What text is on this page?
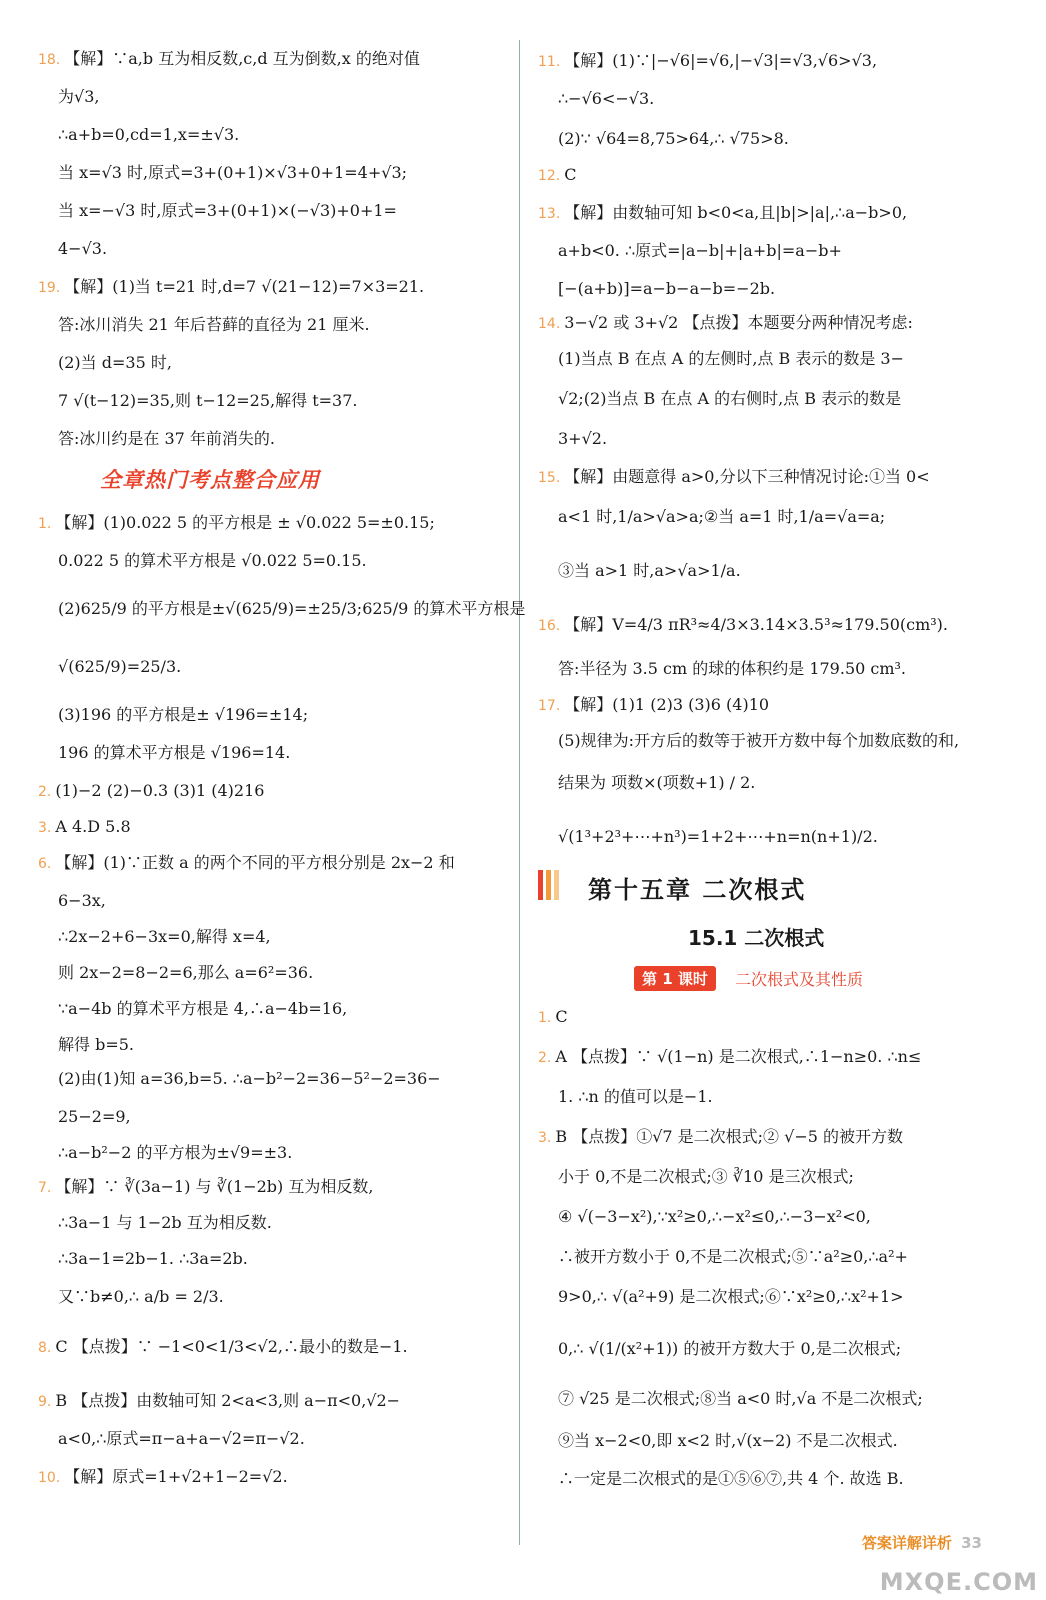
18. 【解】∵a,b 互为相反数,c,d 互为倒数,x 的绝对值
为√3,
∴a+b=0,cd=1,x=±√3.
当 x=√3 时,原式=3+(0+1)×√3+0+1=4+√3;
当 x=−√3 时,原式=3+(0+1)×(−√3)+0+1=
4−√3.
19. 【解】(1)当 t=21 时,d=7 √(21−12)=7×3=21.
答:冰川消失 21 年后苔藓的直径为 21 厘米.
(2)当 d=35 时,
7 √(t−12)=35,则 t−12=25,解得 t=37.
答:冰川约是在 37 年前消失的.
1. 【解】(1)0.022 5 的平方根是 ± √0.022 5=±0.15;
0.022 5 的算术平方根是 √0.022 5=0.15.
(2)625/9 的平方根是±√(625/9)=±25/3;625/9 的算术平方根是
√(625/9)=25/3.
(3)196 的平方根是± √196=±14;
196 的算术平方根是 √196=14.
2. (1)−2 (2)−0.3 (3)1 (4)216
3. A 4.D 5.8
6. 【解】(1)∵正数 a 的两个不同的平方根分别是 2x−2 和
6−3x,
∴2x−2+6−3x=0,解得 x=4,
则 2x−2=8−2=6,那么 a=6²=36.
∵a−4b 的算术平方根是 4,∴a−4b=16,
解得 b=5.
(2)由(1)知 a=36,b=5. ∴a−b²−2=36−5²−2=36−
25−2=9,
∴a−b²−2 的平方根为±√9=±3.
7. 【解】∵ ∛(3a−1) 与 ∛(1−2b) 互为相反数,
∴3a−1 与 1−2b 互为相反数.
∴3a−1=2b−1. ∴3a=2b.
又∵b≠0,∴ a/b = 2/3.
8. C 【点拨】∵ −1<0<1/3<√2,∴最小的数是−1.
9. B 【点拨】由数轴可知 2<a<3,则 a−π<0,√2−
a<0,∴原式=π−a+a−√2=π−√2.
10. 【解】原式=1+√2+1−2=√2.
第十五章 二次根式
15.1 二次根式
第 1 课时 二次根式及其性质
11. 【解】(1)∵|−√6|=√6,|−√3|=√3,√6>√3,
∴−√6<−√3.
(2)∵ √64=8,75>64,∴ √75>8.
12. C
13. 【解】由数轴可知 b<0<a,且|b|>|a|,∴a−b>0,
a+b<0. ∴原式=|a−b|+|a+b|=a−b+
[−(a+b)]=a−b−a−b=−2b.
14. 3−√2 或 3+√2 【点拨】本题要分两种情况考虑:
(1)当点 B 在点 A 的左侧时,点 B 表示的数是 3−
√2;(2)当点 B 在点 A 的右侧时,点 B 表示的数是
3+√2.
15. 【解】由题意得 a>0,分以下三种情况讨论:①当 0<
a<1 时,1/a>√a>a;②当 a=1 时,1/a=√a=a;
③当 a>1 时,a>√a>1/a.
16. 【解】V=4/3 πR³≈4/3×3.14×3.5³≈179.50(cm³).
答:半径为 3.5 cm 的球的体积约是 179.50 cm³.
17. 【解】(1)1 (2)3 (3)6 (4)10
(5)规律为:开方后的数等于被开方数中每个加数底数的和,
结果为 项数×(项数+1) / 2.
√(1³+2³+⋯+n³)=1+2+⋯+n=n(n+1)/2.
1. C
2. A 【点拨】∵ √(1−n) 是二次根式,∴1−n≥0. ∴n≤
1. ∴n 的值可以是−1.
3. B 【点拨】①√7 是二次根式;② √−5 的被开方数
小于 0,不是二次根式;③ ∛10 是三次根式;
④ √(−3−x²),∵x²≥0,∴−x²≤0,∴−3−x²<0,
∴被开方数小于 0,不是二次根式;⑤∵a²≥0,∴a²+
9>0,∴ √(a²+9) 是二次根式;⑥∵x²≥0,∴x²+1>
0,∴ √(1/(x²+1)) 的被开方数大于 0,是二次根式;
⑦ √25 是二次根式;⑧当 a<0 时,√a 不是二次根式;
⑨当 x−2<0,即 x<2 时,√(x−2) 不是二次根式.
∴一定是二次根式的是①⑤⑥⑦,共 4 个. 故选 B.
全章热门考点整合应用
答案详解详析 33
MXQE.COM
